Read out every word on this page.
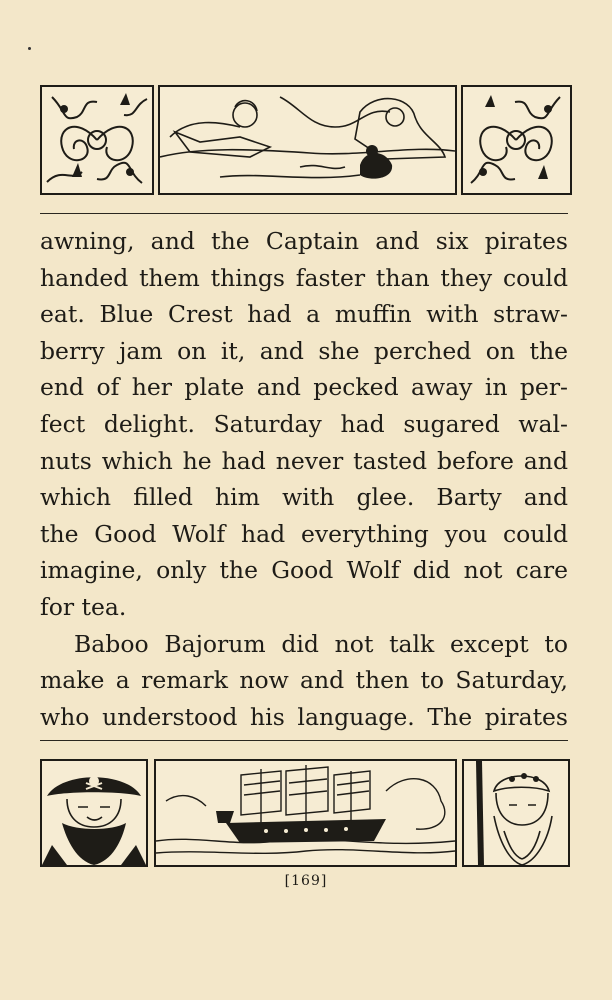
awning, and the Captain and six pirates
handed them things faster than they could
eat. Blue Crest had a muffin with straw-
berry jam on it, and she perched on the
end of her plate and pecked away in per-
fect delight. Saturday had sugared wal-
nuts which he had never tasted before and
which filled him with glee. Barty and
the Good Wolf had everything you could
imagine, only the Good Wolf did not care
for tea.

Baboo Bajorum did not talk except to
make a remark now and then to Saturday,
who understood his language. The pirates

[169]
